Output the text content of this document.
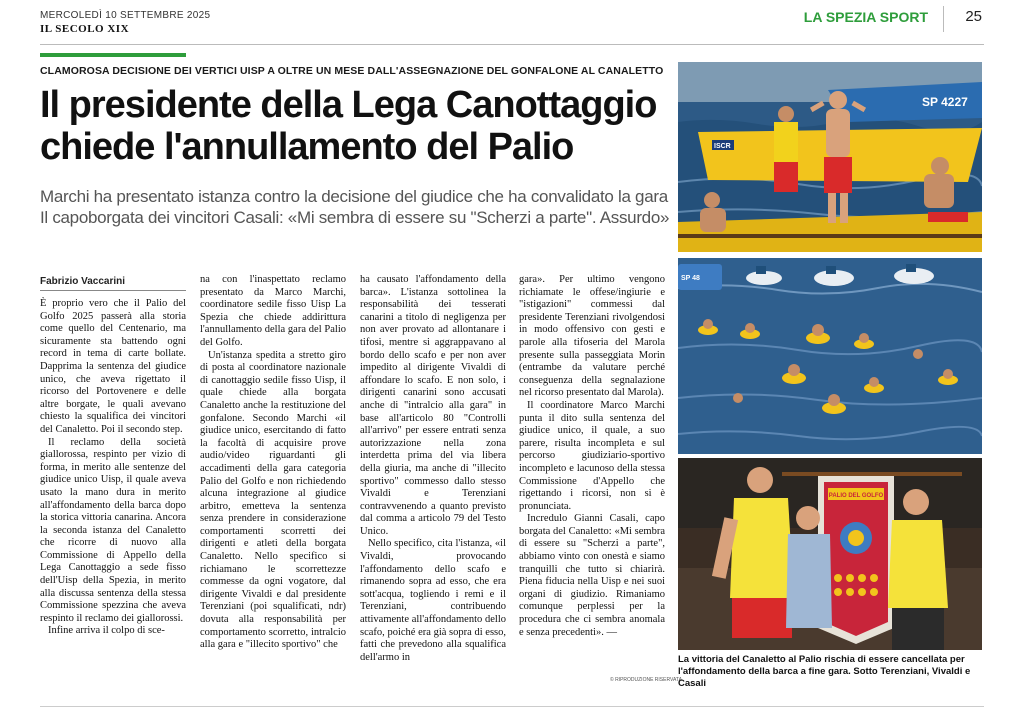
MERCOLEDÌ 10 SETTEMBRE 2025
IL SECOLO XIX
LA SPEZIA SPORT 25
CLAMOROSA DECISIONE DEI VERTICI UISP A OLTRE UN MESE DALL'ASSEGNAZIONE DEL GONFALONE AL CANALETTO
Il presidente della Lega Canottaggio
chiede l'annullamento del Palio
Marchi ha presentato istanza contro la decisione del giudice che ha convalidato la gara
Il capoborgata dei vincitori Casali: «Mi sembra di essere su "Scherzi a parte". Assurdo»
Fabrizio Vaccarini

È proprio vero che il Palio del Golfo 2025 passerà alla storia come quello del Centenario, ma sicuramente sta battendo ogni record in tema di carte bollate. Dapprima la sentenza del giudice unico, che aveva rigettato il ricorso del Portovenere e delle altre borgate, le quali avevano chiesto la squalifica dei vincitori del Canaletto. Poi il secondo step.

Il reclamo della società giallorossa, respinto per vizio di forma, in merito alle sentenze del giudice unico Uisp, il quale aveva usato la mano dura in merito all'affondamento della barca dopo la storica vittoria canarina. Ancora la seconda istanza del Canaletto che ricorre di nuovo alla Commissione di Appello della Lega Canottaggio a sede fisso dell'Uisp della Spezia, in merito alla discussa sentenza della stessa Commissione spezzina che aveva respinto il reclamo dei giallorossi.

Infine arriva il colpo di sce-

na con l'inaspettato reclamo presentato da Marco Marchi, coordinatore sedile fisso Uisp La Spezia che chiede addirittura l'annullamento della gara del Palio del Golfo.

Un'istanza spedita a stretto giro di posta al coordinatore nazionale di canottaggio sedile fisso Uisp, il quale chiede alla borgata Canaletto anche la restituzione del gonfalone. Secondo Marchi «il giudice unico, esercitando di fatto la facoltà di acquisire prove audio/video riguardanti gli accadimenti della gara categoria Palio del Golfo e non richiedendo alcuna integrazione al giudice arbitro, emetteva la sentenza senza prendere in considerazione comportamenti scorretti dei dirigenti e atleti della borgata Canaletto. Nello specifico si richiamano le scorrettezze commesse da ogni vogatore, dal dirigente Vivaldi e dal presidente Terenziani (poi squalificati, ndr) dovuta alla responsabilità per comportamento scorretto, intralcio alla gara e "illecito sportivo" che

ha causato l'affondamento della barca». L'istanza sottolinea la responsabilità dei tesserati canarini a titolo di negligenza per non aver provato ad allontanare i tifosi, mentre si aggrappavano al bordo dello scafo e per non aver impedito al dirigente Vivaldi di affondare lo scafo. E non solo, i dirigenti canarini sono accusati anche di "intralcio alla gara" in base all'articolo 80 "Controlli all'arrivo" per essere entrati senza autorizzazione nella zona interdetta prima del via libera della giuria, ma anche di "illecito sportivo" commesso dallo stesso Vivaldi e Terenziani contravvenendo a quanto previsto dal comma a articolo 79 del Testo Unico.

Nello specifico, cita l'istanza, «il Vivaldi, provocando l'affondamento dello scafo e rimanendo sopra ad esso, che era sott'acqua, togliendo i remi e il Terenziani, contribuendo attivamente all'affondamento dello scafo, poiché era già sopra di esso, fatti che prevedono alla squalifica dell'armo in

gara». Per ultimo vengono richiamate le offese/ingiurie e "istigazioni" commessi dal presidente Terenziani rivolgendosi in modo offensivo con gesti e parole alla tifoseria del Marola presente sulla passeggiata Morin (entrambe da valutare perché conseguenza della segnalazione nel ricorso presentato dal Marola).

Il coordinatore Marco Marchi punta il dito sulla sentenza del giudice unico, il quale, a suo parere, risulta incompleta e sul percorso giudiziario-sportivo incompleto e lacunoso della stessa Commissione d'Appello che rigettando i ricorsi, non si è pronunciata.

Incredulo Gianni Casali, capo borgata del Canaletto: «Mi sembra di essere su "Scherzi a parte", abbiamo vinto con onestà e siamo tranquilli che tutto si chiarirà. Piena fiducia nella Uisp e nei suoi organi di giudizio. Rimaniamo comunque perplessi per la procedura che ci sembra anomala e senza precedenti». —

© RIPRODUZIONE RISERVATA
SP 4227
ISCR
SP 48
PALIO DEL GOLFO
La vittoria del Canaletto al Palio rischia di essere cancellata per l'affondamento della barca a fine gara. Sotto Terenziani, Vivaldi e Casali
